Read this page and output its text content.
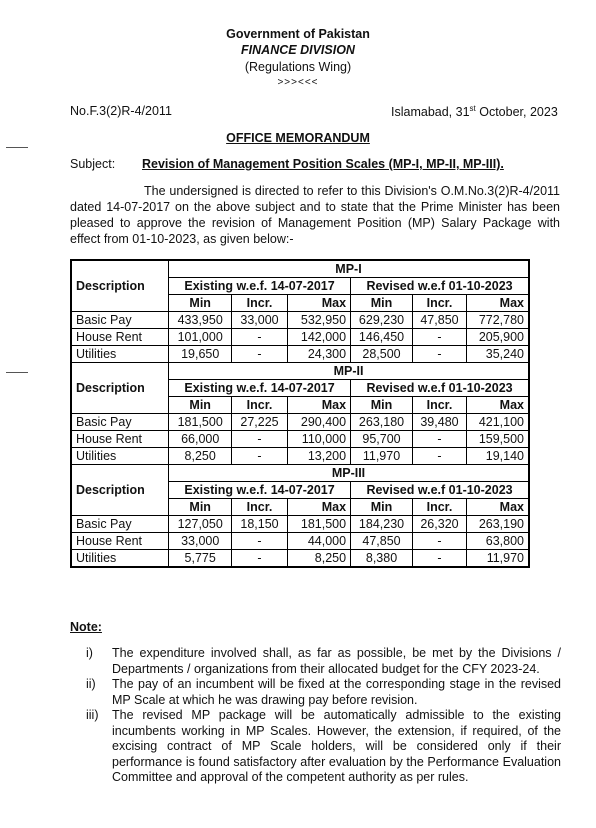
Government of Pakistan
FINANCE DIVISION
(Regulations Wing)
>>><<<
No.F.3(2)R-4/2011	Islamabad, 31st October, 2023
OFFICE MEMORANDUM
Subject: Revision of Management Position Scales (MP-I, MP-II, MP-III).
The undersigned is directed to refer to this Division's O.M.No.3(2)R-4/2011 dated 14-07-2017 on the above subject and to state that the Prime Minister has been pleased to approve the revision of Management Position (MP) Salary Package with effect from 01-10-2023, as given below:-
Description	MP-I					
	Existing w.e.f. 14-07-2017			Revised w.e.f 01-10-2023		
	Min	Incr.	Max	Min	Incr.	Max
Basic Pay	433,950	33,000	532,950	629,230	47,850	772,780
House Rent	101,000	-	142,000	146,450	-	205,900
Utilities	19,650	-	24,300	28,500	-	35,240
Description	MP-II					
	Existing w.e.f. 14-07-2017			Revised w.e.f 01-10-2023		
	Min	Incr.	Max	Min	Incr.	Max
Basic Pay	181,500	27,225	290,400	263,180	39,480	421,100
House Rent	66,000	-	110,000	95,700	-	159,500
Utilities	8,250	-	13,200	11,970	-	19,140
Description	MP-III					
	Existing w.e.f. 14-07-2017			Revised w.e.f 01-10-2023		
	Min	Incr.	Max	Min	Incr.	Max
Basic Pay	127,050	18,150	181,500	184,230	26,320	263,190
House Rent	33,000	-	44,000	47,850	-	63,800
Utilities	5,775	-	8,250	8,380	-	11,970
Note:
i)	The expenditure involved shall, as far as possible, be met by the Divisions / Departments / organizations from their allocated budget for the CFY 2023-24.
ii)	The pay of an incumbent will be fixed at the corresponding stage in the revised MP Scale at which he was drawing pay before revision.
iii)	The revised MP package will be automatically admissible to the existing incumbents working in MP Scales. However, the extension, if required, of the excising contract of MP Scale holders, will be considered only if their performance is found satisfactory after evaluation by the Performance Evaluation Committee and approval of the competent authority as per rules.
